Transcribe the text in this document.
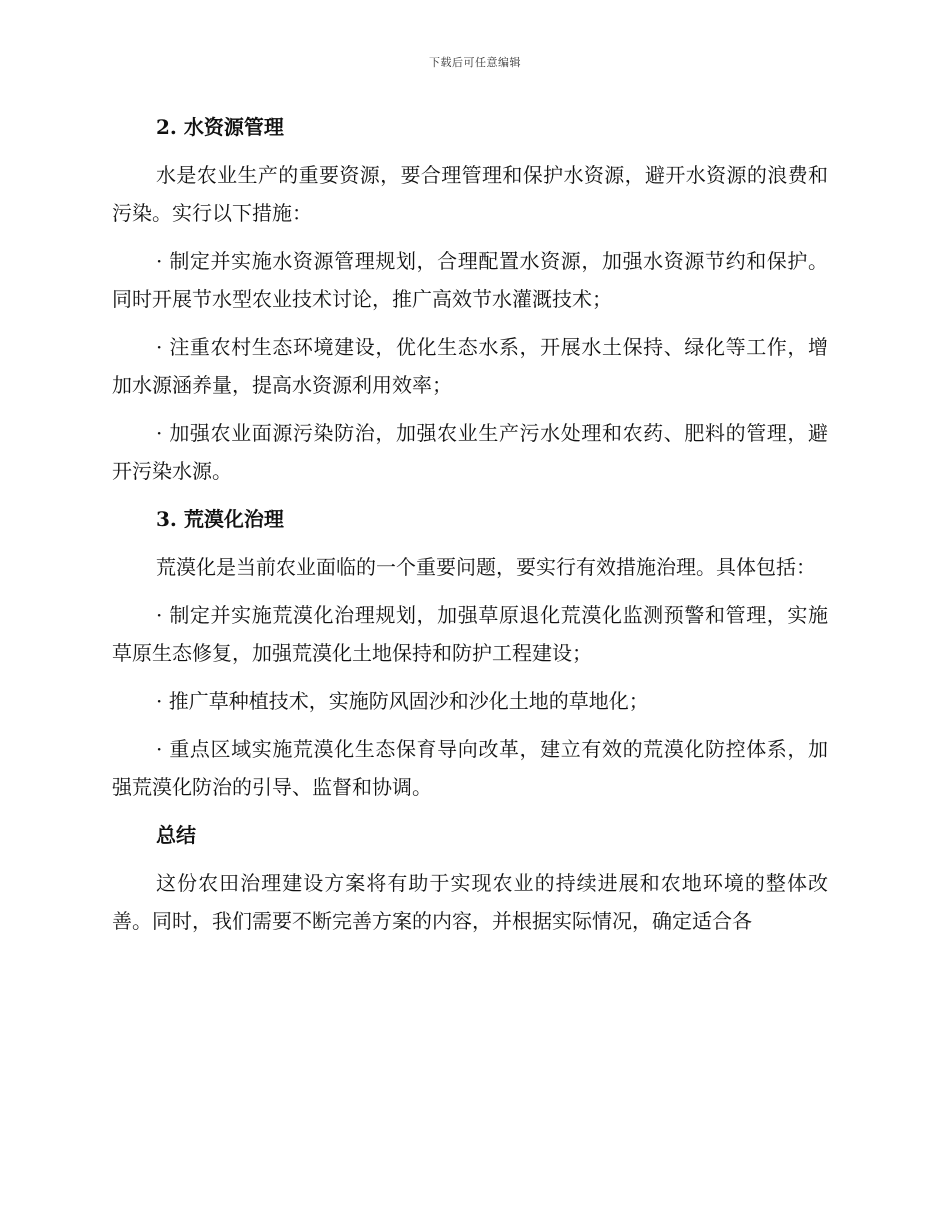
下载后可任意编辑
2. 水资源管理

水是农业生产的重要资源，要合理管理和保护水资源，避开水资源的浪费和污染。实行以下措施：

· 制定并实施水资源管理规划，合理配置水资源，加强水资源节约和保护。同时开展节水型农业技术讨论，推广高效节水灌溉技术；

· 注重农村生态环境建设，优化生态水系，开展水土保持、绿化等工作，增加水源涵养量，提高水资源利用效率；

· 加强农业面源污染防治，加强农业生产污水处理和农药、肥料的管理，避开污染水源。

3. 荒漠化治理

荒漠化是当前农业面临的一个重要问题，要实行有效措施治理。具体包括：

· 制定并实施荒漠化治理规划，加强草原退化荒漠化监测预警和管理，实施草原生态修复，加强荒漠化土地保持和防护工程建设；

· 推广草种植技术，实施防风固沙和沙化土地的草地化；

· 重点区域实施荒漠化生态保育导向改革，建立有效的荒漠化防控体系，加强荒漠化防治的引导、监督和协调。

总结

这份农田治理建设方案将有助于实现农业的持续进展和农地环境的整体改善。同时，我们需要不断完善方案的内容，并根据实际情况，确定适合各
